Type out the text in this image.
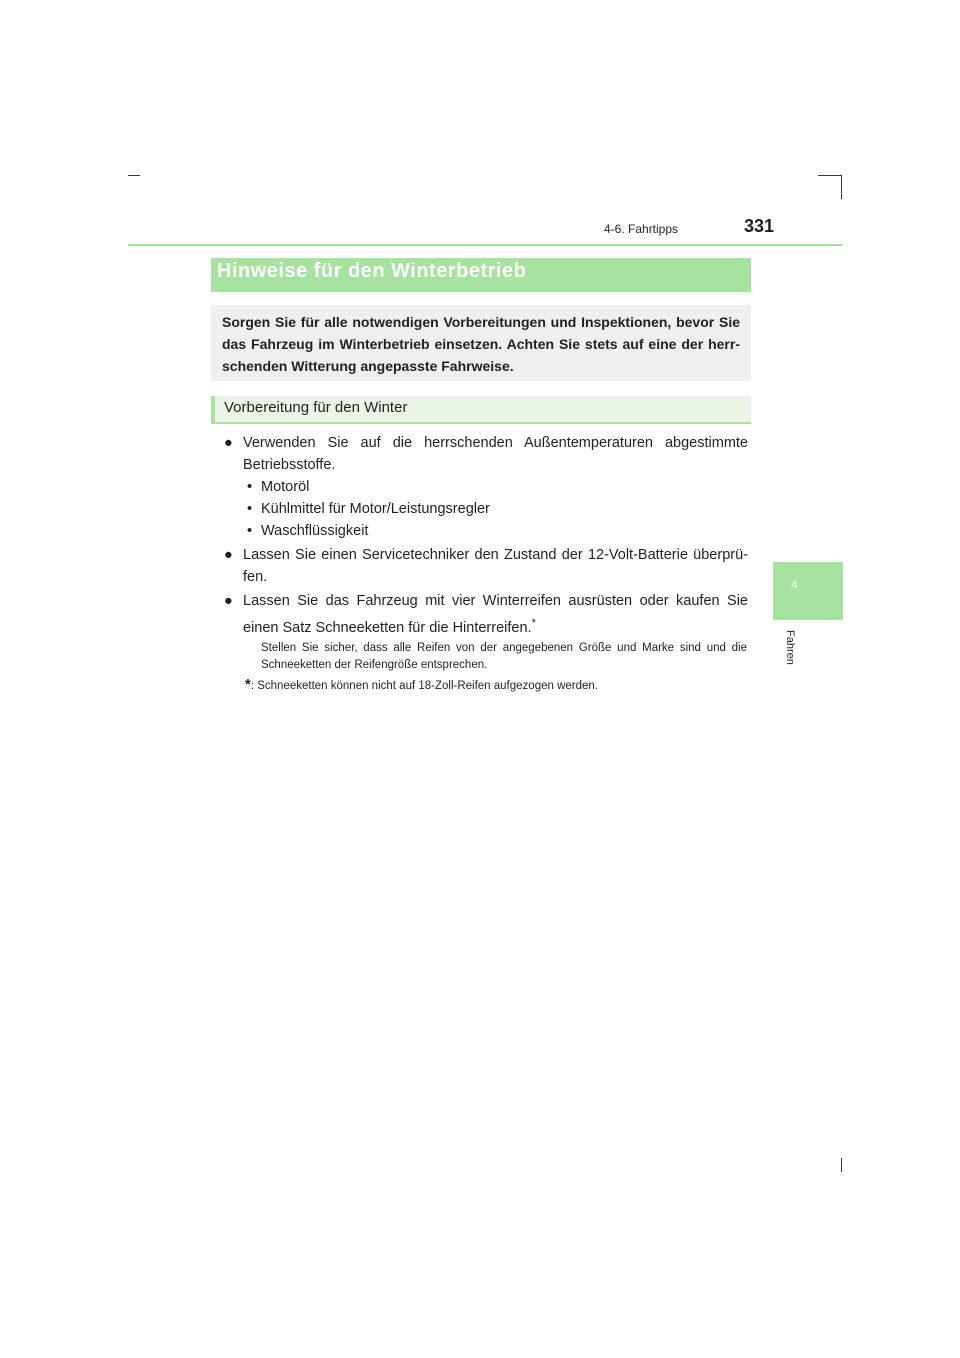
4-6. Fahrtipps	331
4
Fahren
Hinweise für den Winterbetrieb
Sorgen Sie für alle notwendigen Vorbereitungen und Inspektionen, bevor Sie das Fahrzeug im Winterbetrieb einsetzen. Achten Sie stets auf eine der herrschenden Witterung angepasste Fahrweise.
Vorbereitung für den Winter
● Verwenden Sie auf die herrschenden Außentemperaturen abgestimmte Betriebsstoffe.
• Motoröl
• Kühlmittel für Motor/Leistungsregler
• Waschflüssigkeit
● Lassen Sie einen Servicetechniker den Zustand der 12-Volt-Batterie überprüfen.
● Lassen Sie das Fahrzeug mit vier Winterreifen ausrüsten oder kaufen Sie einen Satz Schneeketten für die Hinterreifen.*
Stellen Sie sicher, dass alle Reifen von der angegebenen Größe und Marke sind und die Schneeketten der Reifengröße entsprechen.
*: Schneeketten können nicht auf 18-Zoll-Reifen aufgezogen werden.
